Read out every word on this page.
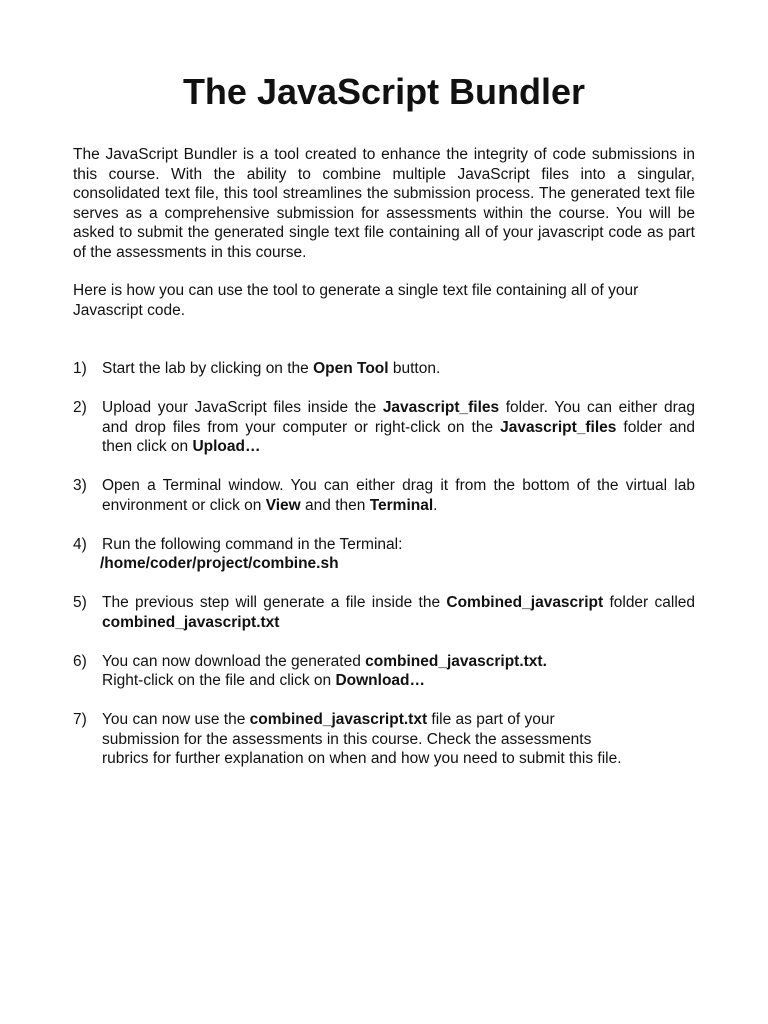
The JavaScript Bundler

The JavaScript Bundler is a tool created to enhance the integrity of code submissions in this course. With the ability to combine multiple JavaScript files into a singular, consolidated text file, this tool streamlines the submission process. The generated text file serves as a comprehensive submission for assessments within the course. You will be asked to submit the generated single text file containing all of your javascript code as part of the assessments in this course.

Here is how you can use the tool to generate a single text file containing all of your Javascript code.

1) Start the lab by clicking on the Open Tool button.
2) Upload your JavaScript files inside the Javascript_files folder. You can either drag and drop files from your computer or right-click on the Javascript_files folder and then click on Upload…
3) Open a Terminal window. You can either drag it from the bottom of the virtual lab environment or click on View and then Terminal.
4) Run the following command in the Terminal:
/home/coder/project/combine.sh
5) The previous step will generate a file inside the Combined_javascript folder called combined_javascript.txt
6) You can now download the generated combined_javascript.txt.
Right-click on the file and click on Download…
7) You can now use the combined_javascript.txt file as part of your submission for the assessments in this course. Check the assessments rubrics for further explanation on when and how you need to submit this file.
